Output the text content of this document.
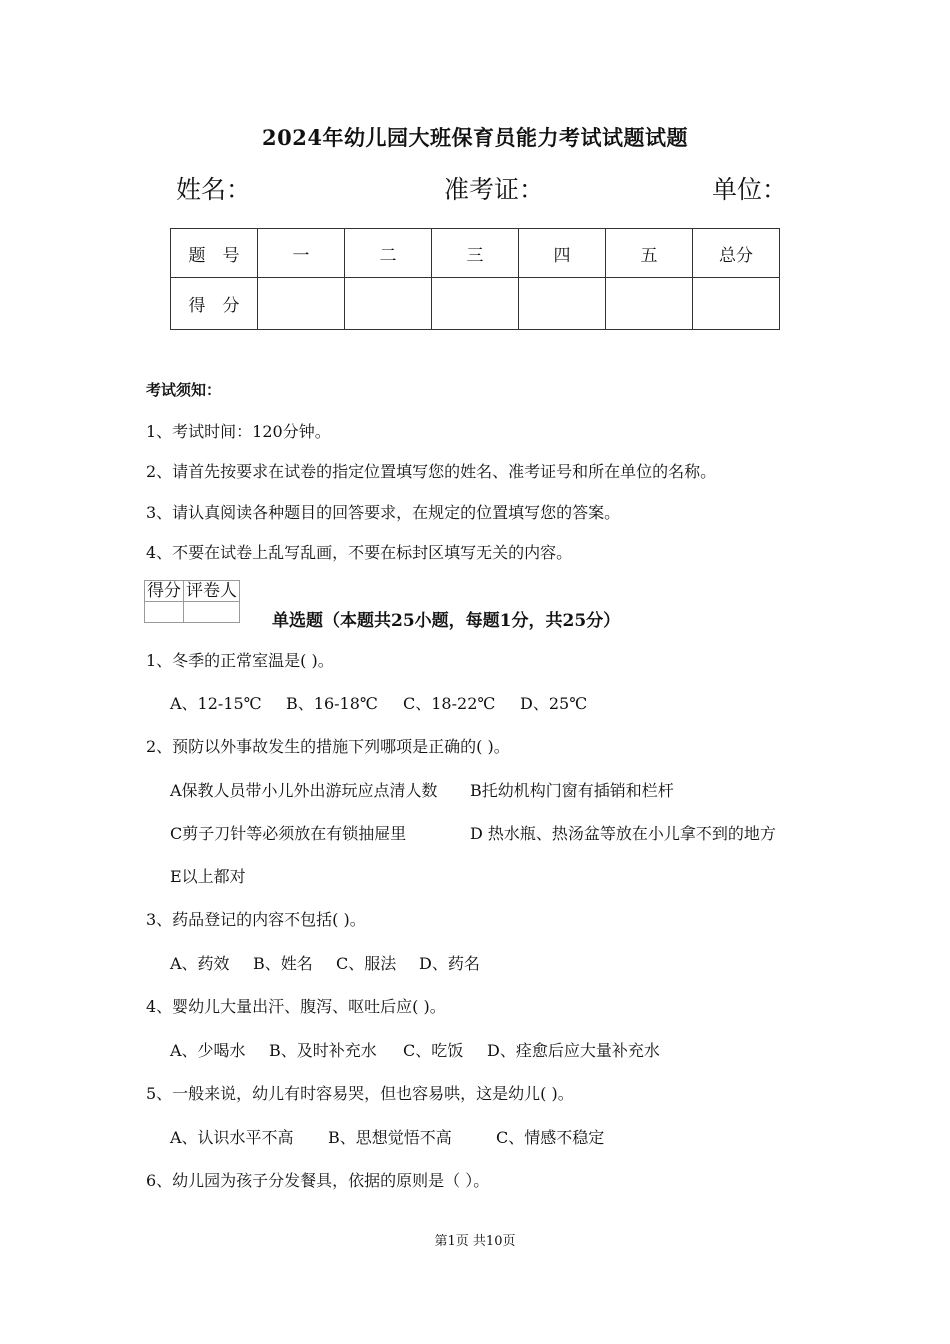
2024年幼儿园大班保育员能力考试试题试题
姓名：	准考证：	单位：
题　号	一	二	三	四	五	总分
得　分						
考试须知：
1、考试时间：120分钟。
2、请首先按要求在试卷的指定位置填写您的姓名、准考证号和所在单位的名称。
3、请认真阅读各种题目的回答要求，在规定的位置填写您的答案。
4、不要在试卷上乱写乱画，不要在标封区填写无关的内容。
得分	评卷人

单选题（本题共25小题，每题1分，共25分）
1、冬季的正常室温是( )。
A、12-15℃ B、16-18℃ C、18-22℃ D、25℃
2、预防以外事故发生的措施下列哪项是正确的( )。
A保教人员带小儿外出游玩应点清人数 B托幼机构门窗有插销和栏杆
C剪子刀针等必须放在有锁抽屉里	D 热水瓶、热汤盆等放在小儿拿不到的地方
E以上都对
3、药品登记的内容不包括( )。
A、药效 B、姓名 C、服法 D、药名
4、婴幼儿大量出汗、腹泻、呕吐后应( )。
A、少喝水 B、及时补充水 C、吃饭 D、痊愈后应大量补充水
5、一般来说，幼儿有时容易哭，但也容易哄，这是幼儿( )。
A、认识水平不高 B、思想觉悟不高	C、情感不稳定
6、幼儿园为孩子分发餐具，依据的原则是（ ）。
第1页 共10页
